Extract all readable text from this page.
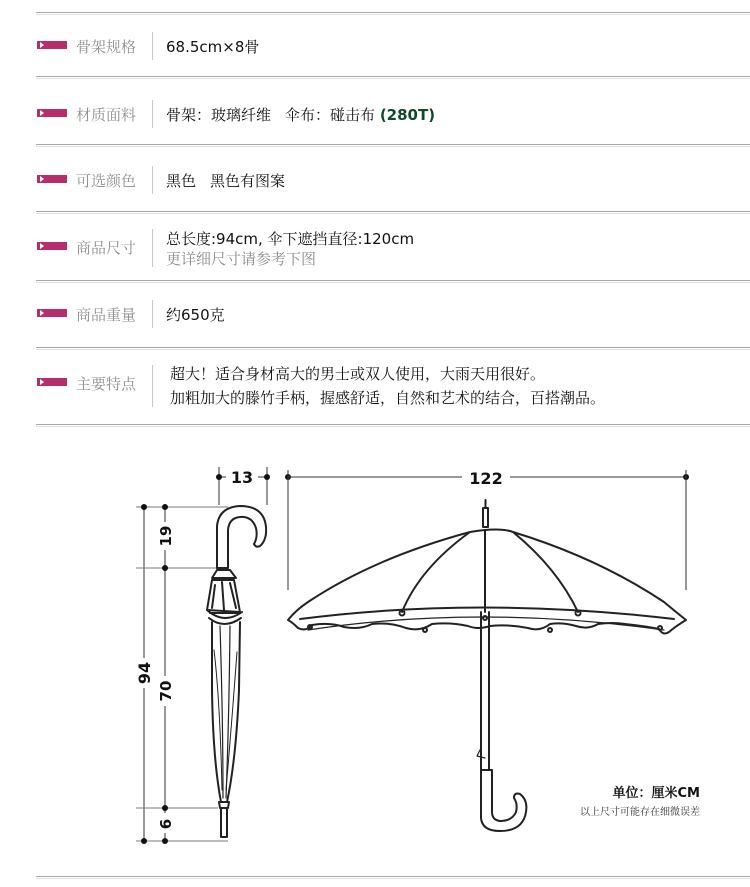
骨架规格 68.5cm×8骨
材质面料 骨架：玻璃纤维 伞布：碰击布 (280T)
可选颜色 黑色 黑色有图案
商品尺寸 总长度:94cm, 伞下遮挡直径:120cm
更详细尺寸请参考下图
商品重量 约650克
主要特点
超大！适合身材高大的男士或双人使用，大雨天用很好。
加粗加大的滕竹手柄，握感舒适，自然和艺术的结合，百搭潮品。
13	122
94
19
70
6
单位：厘米CM
以上尺寸可能存在细微误差
